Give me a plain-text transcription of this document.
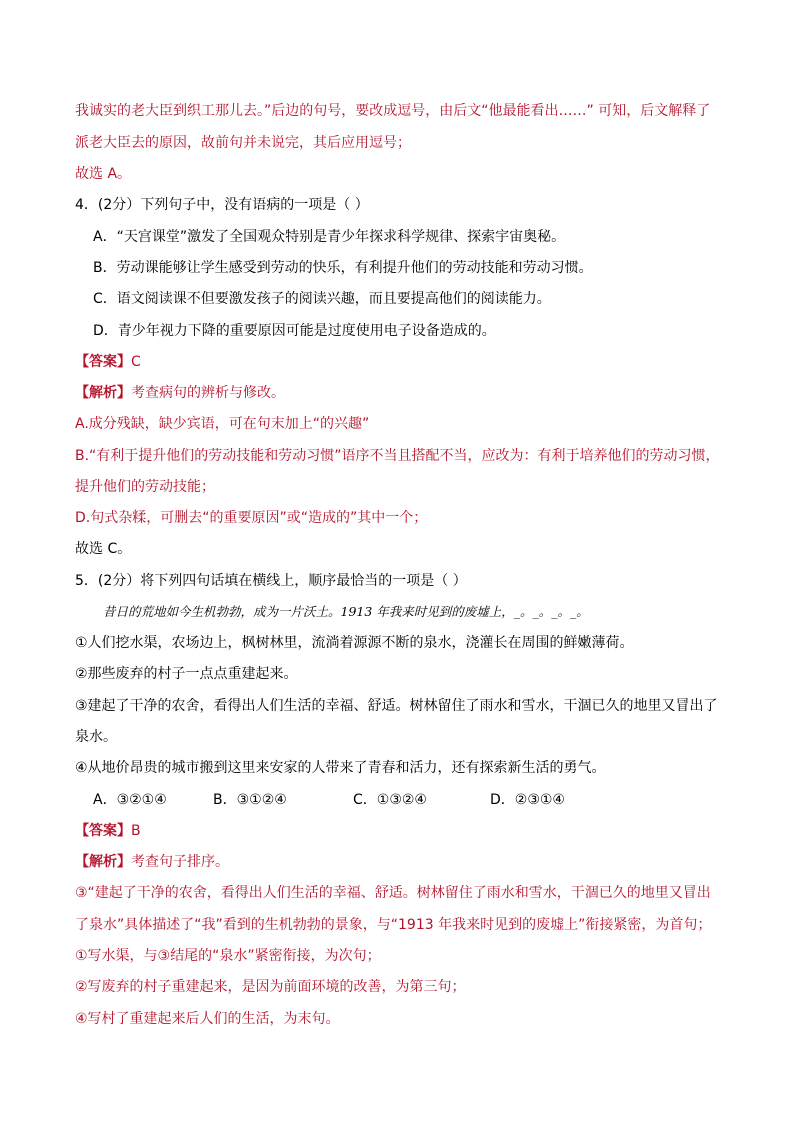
我诚实的老大臣到织工那儿去。”后边的句号，要改成逗号，由后文“他最能看出……” 可知，后文解释了
派老大臣去的原因，故前句并未说完，其后应用逗号；
故选 A。
4．(2分）下列句子中，没有语病的一项是（ ）
A．“天宫课堂”激发了全国观众特别是青少年探求科学规律、探索宇宙奥秘。
B．劳动课能够让学生感受到劳动的快乐，有利提升他们的劳动技能和劳动习惯。
C．语文阅读课不但要激发孩子的阅读兴趣，而且要提高他们的阅读能力。
D．青少年视力下降的重要原因可能是过度使用电子设备造成的。
【答案】C
【解析】考查病句的辨析与修改。
A.成分残缺，缺少宾语，可在句末加上“的兴趣”
B.“有利于提升他们的劳动技能和劳动习惯”语序不当且搭配不当，应改为：有利于培养他们的劳动习惯，
提升他们的劳动技能；
D.句式杂糅，可删去“的重要原因”或“造成的”其中一个；
故选 C。
5．(2分）将下列四句话填在横线上，顺序最恰当的一项是（ ）
昔日的荒地如今生机勃勃，成为一片沃土。1913 年我来时见到的废墟上，_。_。_。_。
①人们挖水渠，农场边上，枫树林里，流淌着源源不断的泉水，浇灌长在周围的鲜嫩薄荷。
②那些废弃的村子一点点重建起来。
③建起了干净的农舍，看得出人们生活的幸福、舒适。树林留住了雨水和雪水，干涸已久的地里又冒出了
泉水。
④从地价昂贵的城市搬到这里来安家的人带来了青春和活力，还有探索新生活的勇气。
A．③②①④	B．③①②④	C．①③②④	D．②③①④
【答案】B
【解析】考查句子排序。
③“建起了干净的农舍，看得出人们生活的幸福、舒适。树林留住了雨水和雪水，干涸已久的地里又冒出
了泉水”具体描述了“我”看到的生机勃勃的景象，与“1913 年我来时见到的废墟上”衔接紧密，为首句；
①写水渠，与③结尾的“泉水”紧密衔接，为次句；
②写废弃的村子重建起来，是因为前面环境的改善，为第三句；
④写村了重建起来后人们的生活，为末句。
